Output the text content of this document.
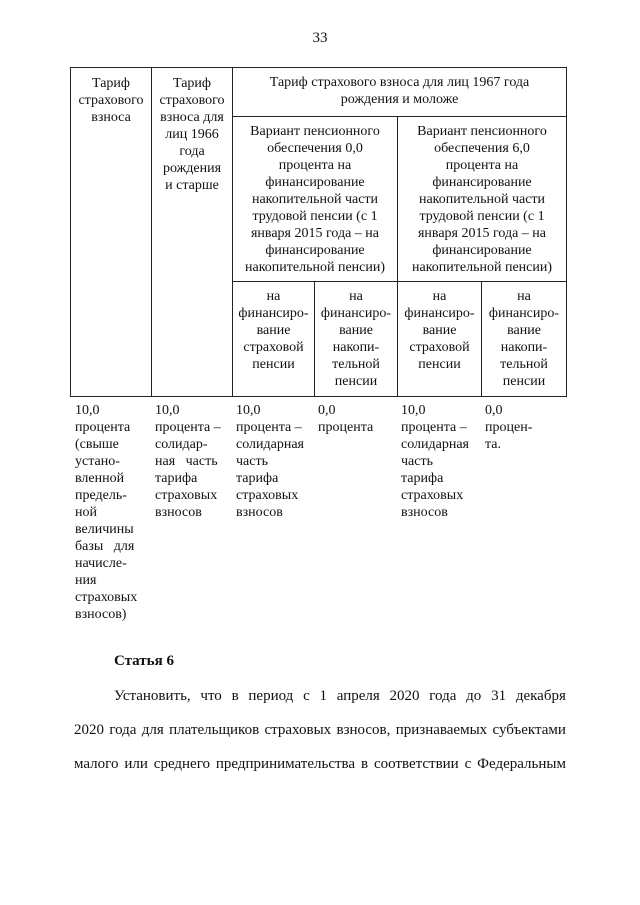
33
Тариф
страхового
взноса
Тариф
страхового
взноса для
лиц 1966
года
рождения
и старше
Тариф страхового взноса для лиц 1967 года
рождения и моложе
Вариант пенсионного
обеспечения 0,0
процента на
финансирование
накопительной части
трудовой пенсии (с 1
января 2015 года – на
финансирование
накопительной пенсии)
Вариант пенсионного
обеспечения 6,0
процента на
финансирование
накопительной части
трудовой пенсии (с 1
января 2015 года – на
финансирование
накопительной пенсии)
на
финансиро-
вание
страховой
пенсии
на
финансиро-
вание
накопи-
тельной
пенсии
на
финансиро-
вание
страховой
пенсии
на
финансиро-
вание
накопи-
тельной
пенсии
10,0
процента
(свыше
устано-
вленной
предель-
ной
величины
базы   для
начисле-
ния
страховых
взносов)
10,0
процента –
солидар-
ная   часть
тарифа
страховых
взносов
10,0
процента –
солидарная
часть
тарифа
страховых
взносов
0,0
процента
10,0
процента –
солидарная
часть
тарифа
страховых
взносов
0,0
процен-
та.
Статья 6
Установить, что в период с 1 апреля 2020 года до 31 декабря
2020 года для плательщиков страховых взносов, признаваемых субъектами
малого или среднего предпринимательства в соответствии с Федеральным
